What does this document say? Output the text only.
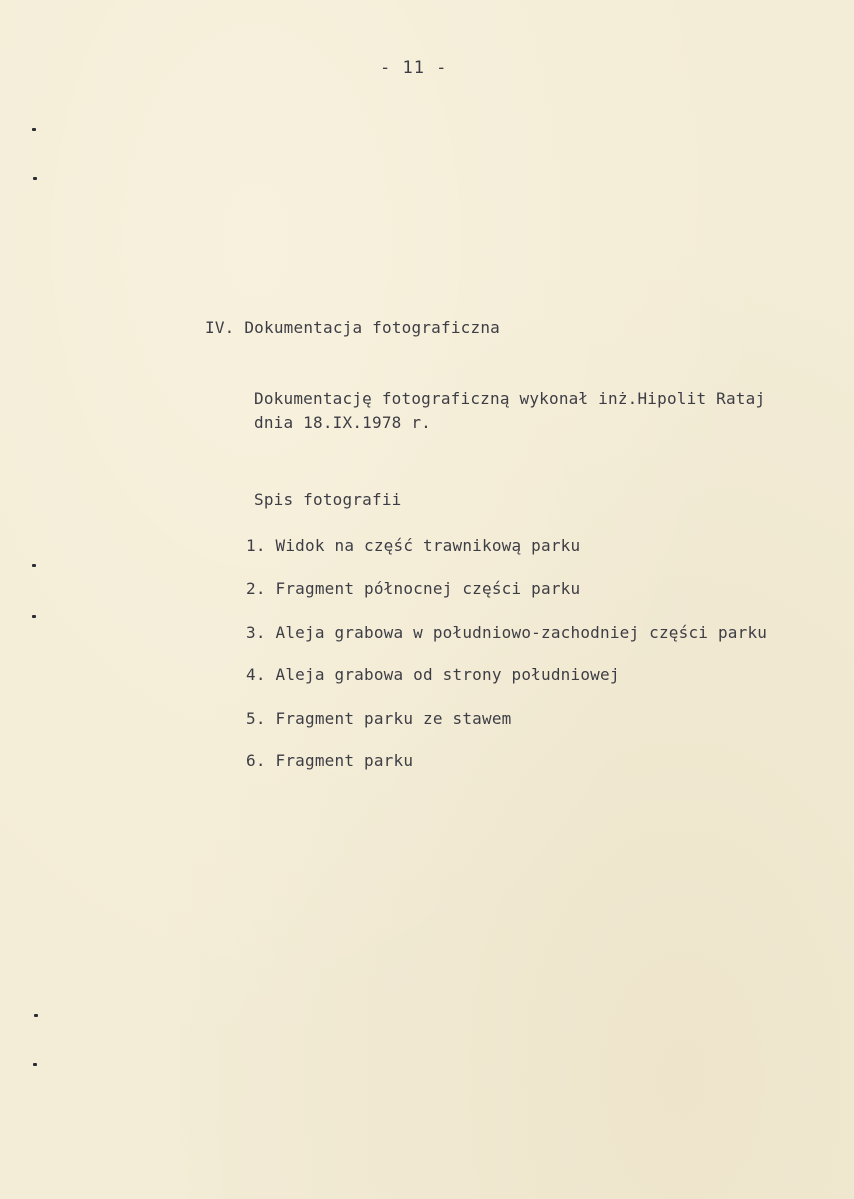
- 11 -
IV. Dokumentacja fotograficzna
Dokumentację fotograficzną wykonał inż.Hipolit Rataj
dnia 18.IX.1978 r.
Spis fotografii
1. Widok na część trawnikową parku
2. Fragment północnej części parku
3. Aleja grabowa w południowo-zachodniej części parku
4. Aleja grabowa od strony południowej
5. Fragment parku ze stawem
6. Fragment parku
